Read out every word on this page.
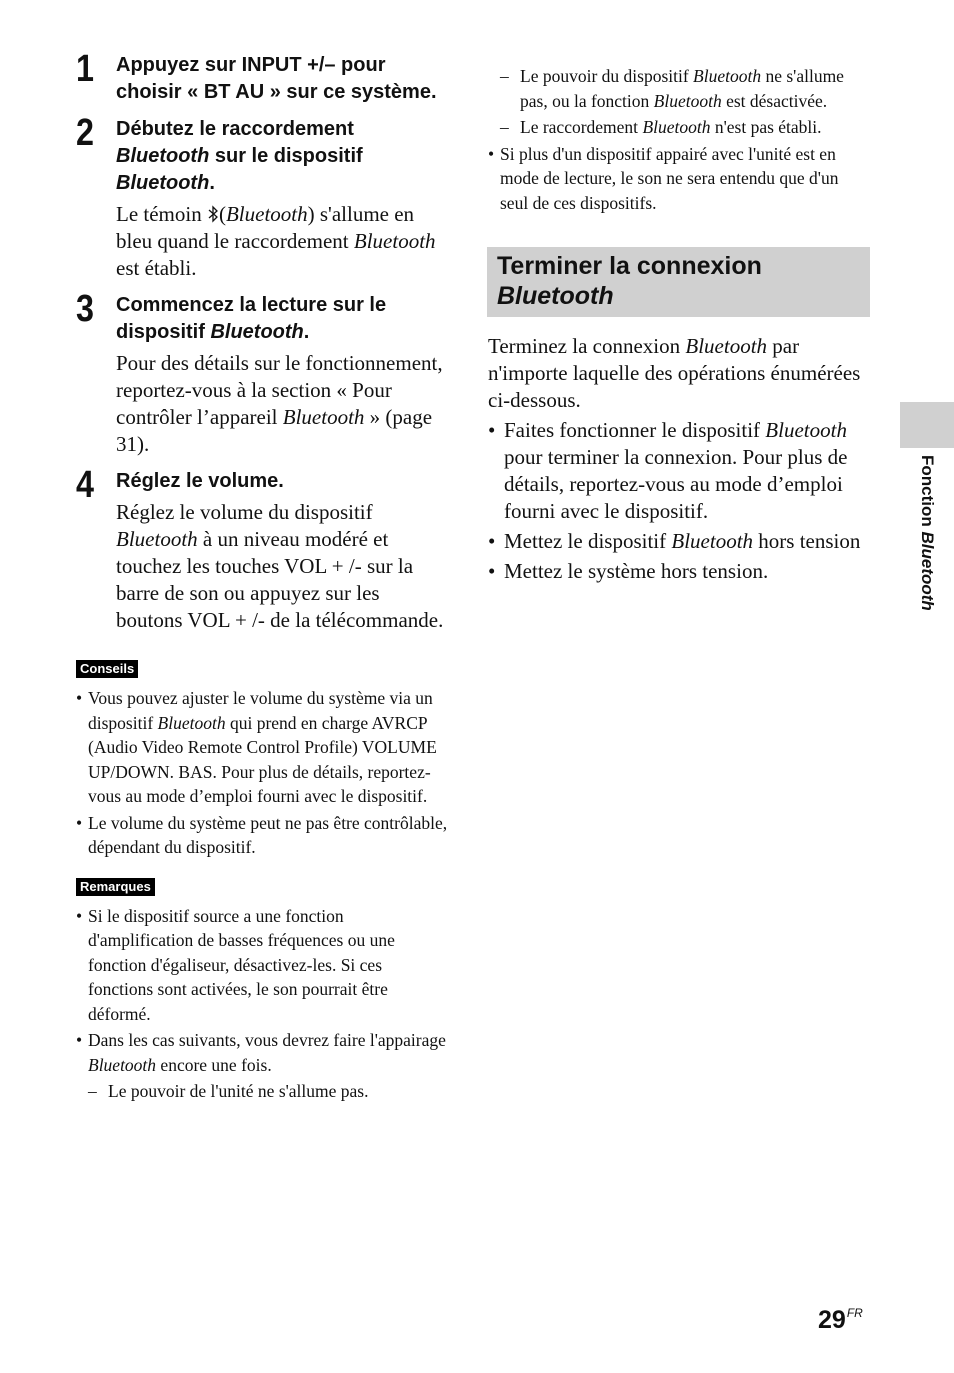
1 Appuyez sur INPUT +/– pour choisir « BT AU » sur ce système.

2 Débutez le raccordement Bluetooth sur le dispositif Bluetooth.

Le témoin (Bluetooth) s'allume en bleu quand le raccordement Bluetooth est établi.

3 Commencez la lecture sur le dispositif Bluetooth.

Pour des détails sur le fonctionnement, reportez-vous à la section « Pour contrôler l’appareil Bluetooth » (page 31).

4 Réglez le volume.

Réglez le volume du dispositif Bluetooth à un niveau modéré et touchez les touches VOL + /- sur la barre de son ou appuyez sur les boutons VOL + /- de la télécommande.

Conseils
• Vous pouvez ajuster le volume du système via un dispositif Bluetooth qui prend en charge AVRCP (Audio Video Remote Control Profile) VOLUME UP/DOWN. BAS. Pour plus de détails, reportez-vous au mode d’emploi fourni avec le dispositif.
• Le volume du système peut ne pas être contrôlable, dépendant du dispositif.
Remarques
• Si le dispositif source a une fonction d'amplification de basses fréquences ou une fonction d'égaliseur, désactivez-les. Si ces fonctions sont activées, le son pourrait être déformé.
• Dans les cas suivants, vous devrez faire l'appairage Bluetooth encore une fois.
– Le pouvoir de l'unité ne s'allume pas.
– Le pouvoir du dispositif Bluetooth ne s'allume pas, ou la fonction Bluetooth est désactivée.
– Le raccordement Bluetooth n'est pas établi.
• Si plus d'un dispositif appairé avec l'unité est en mode de lecture, le son ne sera entendu que d'un seul de ces dispositifs.
Terminer la connexion
Bluetooth

Terminez la connexion Bluetooth par n'importe laquelle des opérations énumérées ci-dessous.

• Faites fonctionner le dispositif Bluetooth pour terminer la connexion. Pour plus de détails, reportez-vous au mode d’emploi fourni avec le dispositif.
• Mettez le dispositif Bluetooth hors tension
• Mettez le système hors tension.
Fonction Bluetooth
$29^{FR}$
